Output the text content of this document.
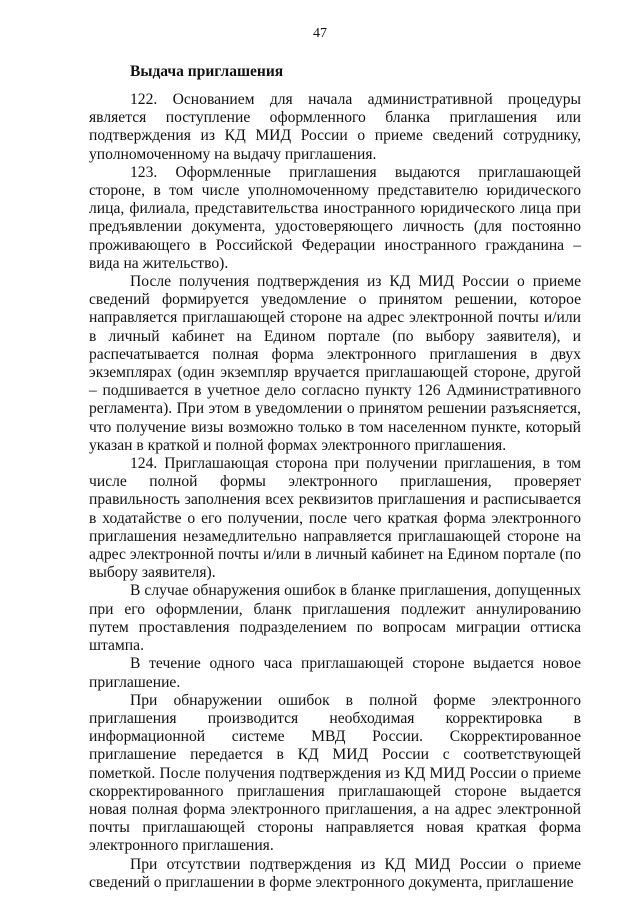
47
Выдача приглашения

122. Основанием для начала административной процедуры является поступление оформленного бланка приглашения или подтверждения из КД МИД России о приеме сведений сотруднику, уполномоченному на выдачу приглашения.

123. Оформленные приглашения выдаются приглашающей стороне, в том числе уполномоченному представителю юридического лица, филиала, представительства иностранного юридического лица при предъявлении документа, удостоверяющего личность (для постоянно проживающего в Российской Федерации иностранного гражданина – вида на жительство).

После получения подтверждения из КД МИД России о приеме сведений формируется уведомление о принятом решении, которое направляется приглашающей стороне на адрес электронной почты и/или в личный кабинет на Едином портале (по выбору заявителя), и распечатывается полная форма электронного приглашения в двух экземплярах (один экземпляр вручается приглашающей стороне, другой – подшивается в учетное дело согласно пункту 126 Административного регламента). При этом в уведомлении о принятом решении разъясняется, что получение визы возможно только в том населенном пункте, который указан в краткой и полной формах электронного приглашения.

124. Приглашающая сторона при получении приглашения, в том числе полной формы электронного приглашения, проверяет правильность заполнения всех реквизитов приглашения и расписывается в ходатайстве о его получении, после чего краткая форма электронного приглашения незамедлительно направляется приглашающей стороне на адрес электронной почты и/или в личный кабинет на Едином портале (по выбору заявителя).

В случае обнаружения ошибок в бланке приглашения, допущенных при его оформлении, бланк приглашения подлежит аннулированию путем проставления подразделением по вопросам миграции оттиска штампа.

В течение одного часа приглашающей стороне выдается новое приглашение.

При обнаружении ошибок в полной форме электронного приглашения производится необходимая корректировка в информационной системе МВД России. Скорректированное приглашение передается в КД МИД России с соответствующей пометкой. После получения подтверждения из КД МИД России о приеме скорректированного приглашения приглашающей стороне выдается новая полная форма электронного приглашения, а на адрес электронной почты приглашающей стороны направляется новая краткая форма электронного приглашения.

При отсутствии подтверждения из КД МИД России о приеме сведений о приглашении в форме электронного документа, приглашение
